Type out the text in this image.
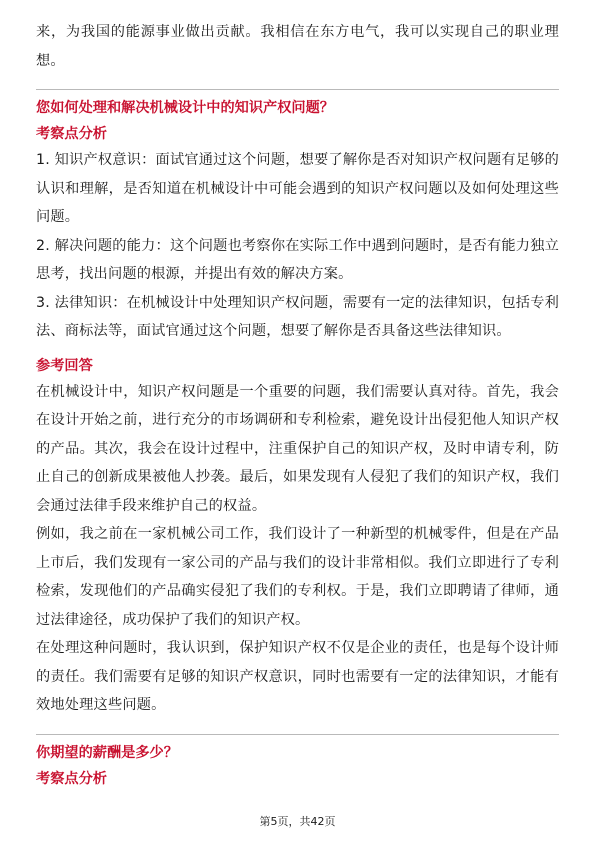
来，为我国的能源事业做出贡献。我相信在东方电气，我可以实现自己的职业理想。

您如何处理和解决机械设计中的知识产权问题？

考察点分析

1. 知识产权意识：面试官通过这个问题，想要了解你是否对知识产权问题有足够的认识和理解，是否知道在机械设计中可能会遇到的知识产权问题以及如何处理这些问题。

2. 解决问题的能力：这个问题也考察你在实际工作中遇到问题时，是否有能力独立思考，找出问题的根源，并提出有效的解决方案。

3. 法律知识：在机械设计中处理知识产权问题，需要有一定的法律知识，包括专利法、商标法等，面试官通过这个问题，想要了解你是否具备这些法律知识。

参考回答

在机械设计中，知识产权问题是一个重要的问题，我们需要认真对待。首先，我会在设计开始之前，进行充分的市场调研和专利检索，避免设计出侵犯他人知识产权的产品。其次，我会在设计过程中，注重保护自己的知识产权，及时申请专利，防止自己的创新成果被他人抄袭。最后，如果发现有人侵犯了我们的知识产权，我们会通过法律手段来维护自己的权益。

例如，我之前在一家机械公司工作，我们设计了一种新型的机械零件，但是在产品上市后，我们发现有一家公司的产品与我们的设计非常相似。我们立即进行了专利检索，发现他们的产品确实侵犯了我们的专利权。于是，我们立即聘请了律师，通过法律途径，成功保护了我们的知识产权。

在处理这种问题时，我认识到，保护知识产权不仅是企业的责任，也是每个设计师的责任。我们需要有足够的知识产权意识，同时也需要有一定的法律知识，才能有效地处理这些问题。

你期望的薪酬是多少？

考察点分析

第5页，共42页
